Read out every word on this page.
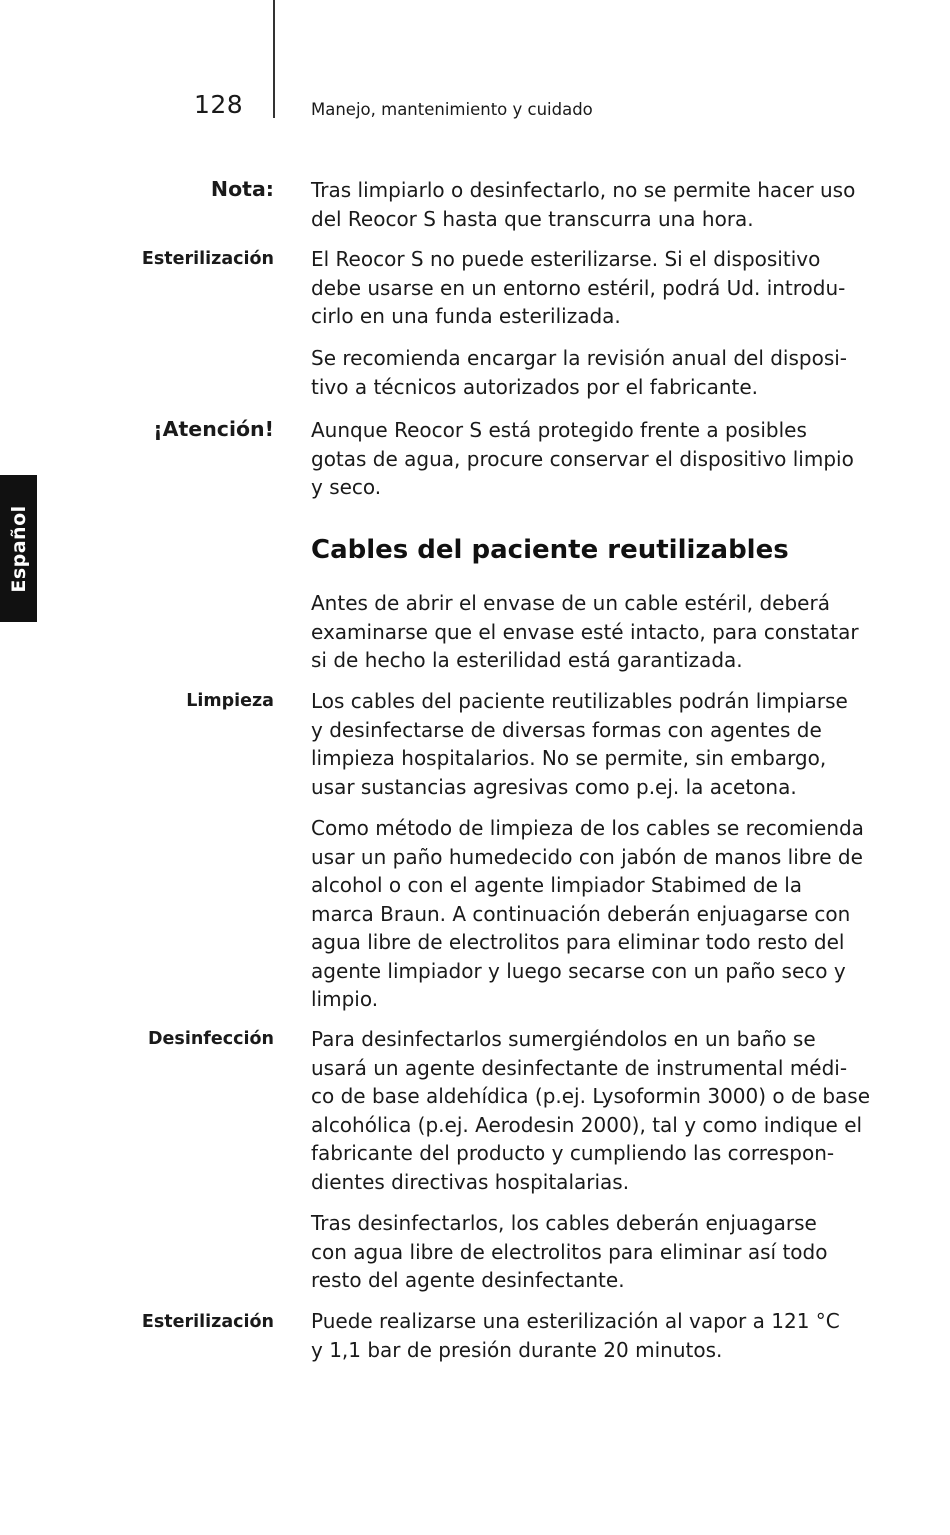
128	Manejo, mantenimiento y cuidado
Español
Nota:
Esterilización
¡Atención!
Limpieza
Desinfección
Esterilización
Tras limpiarlo o desinfectarlo, no se permite hacer uso
del Reocor S hasta que transcurra una hora.
El Reocor S no puede esterilizarse. Si el dispositivo
debe usarse en un entorno estéril, podrá Ud. introdu-
cirlo en una funda esterilizada.
Se recomienda encargar la revisión anual del disposi-
tivo a técnicos autorizados por el fabricante.
Aunque Reocor S está protegido frente a posibles
gotas de agua, procure conservar el dispositivo limpio
y seco.
Cables del paciente reutilizables
Antes de abrir el envase de un cable estéril, deberá
examinarse que el envase esté intacto, para constatar
si de hecho la esterilidad está garantizada.
Los cables del paciente reutilizables podrán limpiarse
y desinfectarse de diversas formas con agentes de
limpieza hospitalarios. No se permite, sin embargo,
usar sustancias agresivas como p.ej. la acetona.
Como método de limpieza de los cables se recomienda
usar un paño humedecido con jabón de manos libre de
alcohol o con el agente limpiador Stabimed de la
marca Braun. A continuación deberán enjuagarse con
agua libre de electrolitos para eliminar todo resto del
agente limpiador y luego secarse con un paño seco y
limpio.
Para desinfectarlos sumergiéndolos en un baño se
usará un agente desinfectante de instrumental médi-
co de base aldehídica (p.ej. Lysoformin 3000) o de base
alcohólica (p.ej. Aerodesin 2000), tal y como indique el
fabricante del producto y cumpliendo las correspon-
dientes directivas hospitalarias.
Tras desinfectarlos, los cables deberán enjuagarse
con agua libre de electrolitos para eliminar así todo
resto del agente desinfectante.
Puede realizarse una esterilización al vapor a 121 °C
y 1,1 bar de presión durante 20 minutos.
